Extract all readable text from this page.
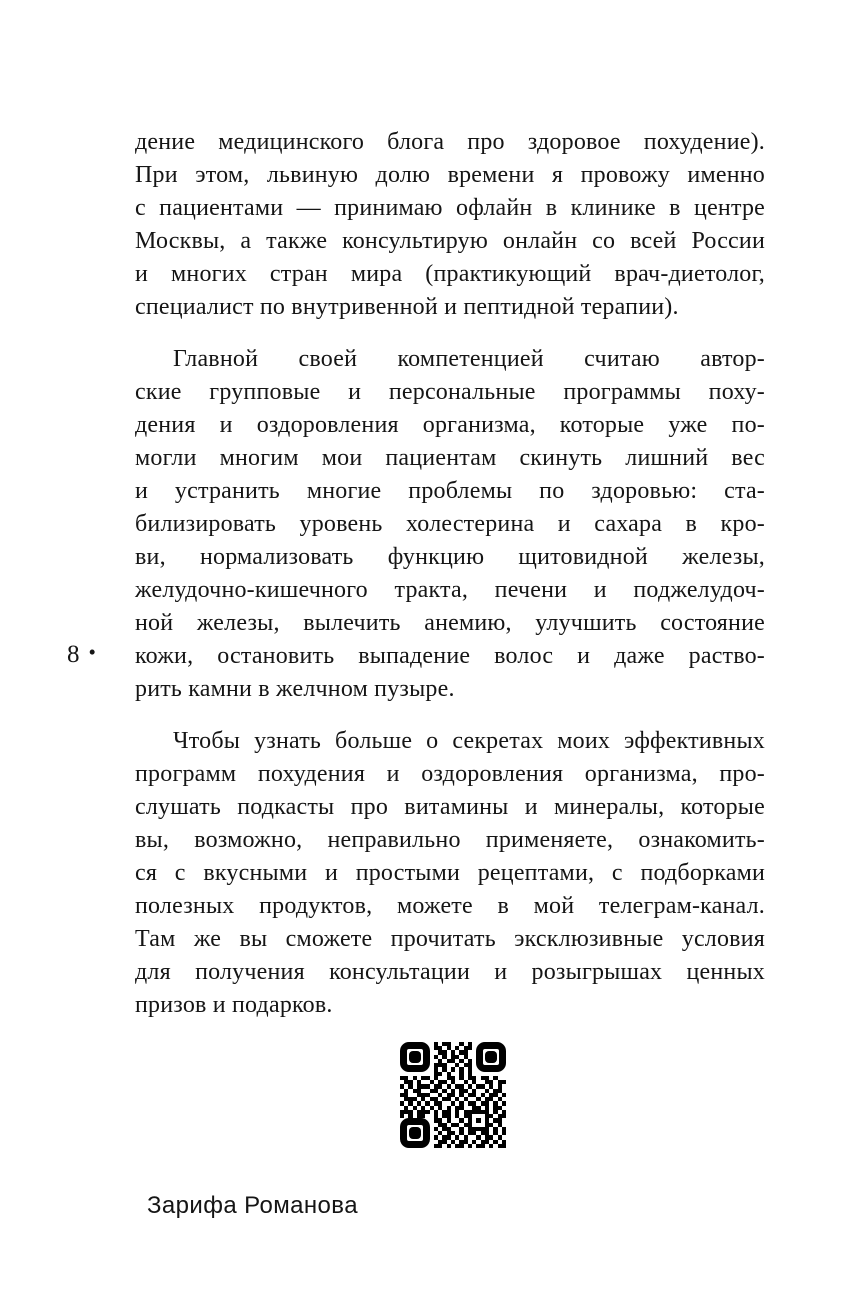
8 •
дение медицинского блога про здоровое похудение).
При этом, львиную долю времени я провожу именно
с пациентами — принимаю офлайн в клинике в центре
Москвы, а также консультирую онлайн со всей России
и многих стран мира (практикующий врач-диетолог,
специалист по внутривенной и пептидной терапии).
Главной своей компетенцией считаю автор-
ские групповые и персональные программы поху-
дения и оздоровления организма, которые уже по-
могли многим мои пациентам скинуть лишний вес
и устранить многие проблемы по здоровью: ста-
билизировать уровень холестерина и сахара в кро-
ви, нормализовать функцию щитовидной железы,
желудочно-кишечного тракта, печени и поджелудоч-
ной железы, вылечить анемию, улучшить состояние
кожи, остановить выпадение волос и даже раство-
рить камни в желчном пузыре.
Чтобы узнать больше о секретах моих эффективных
программ похудения и оздоровления организма, про-
слушать подкасты про витамины и минералы, которые
вы, возможно, неправильно применяете, ознакомить-
ся с вкусными и простыми рецептами, с подборками
полезных продуктов, можете в мой телеграм-канал.
Там же вы сможете прочитать эксклюзивные условия
для получения консультации и розыгрышах ценных
призов и подарков.
Зарифа Романова
